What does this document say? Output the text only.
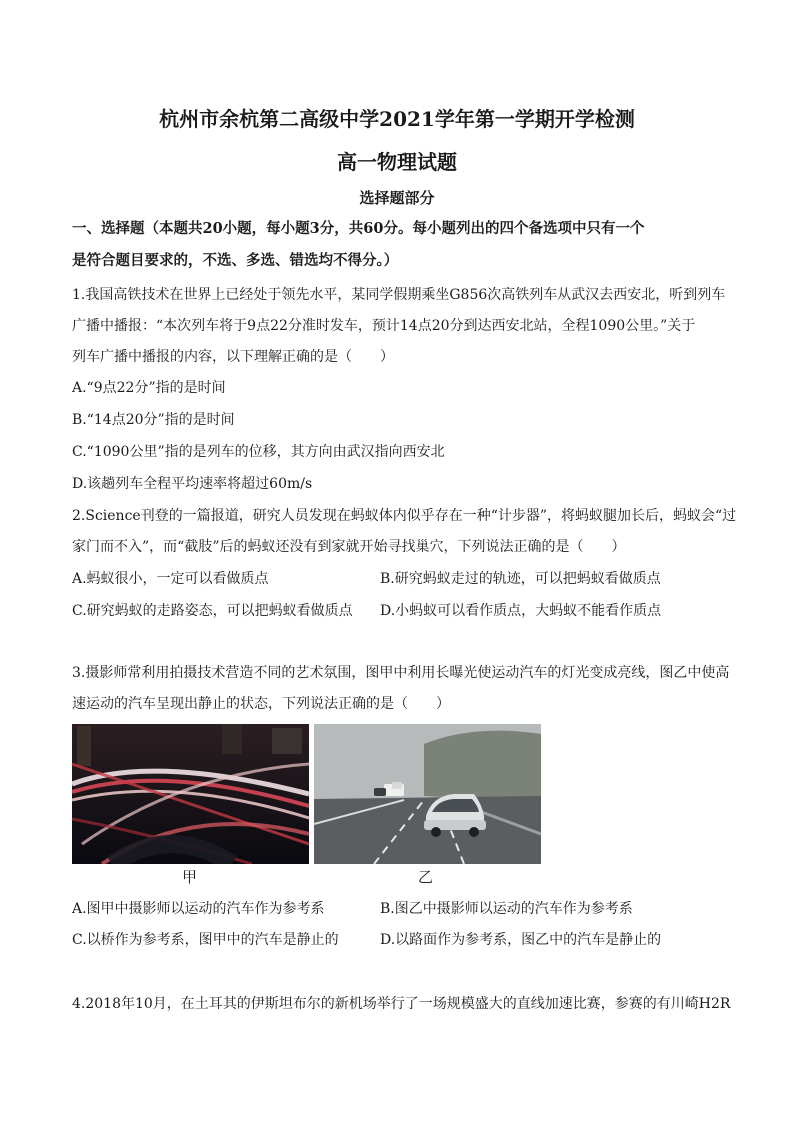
杭州市余杭第二高级中学2021学年第一学期开学检测
高一物理试题
选择题部分
一、选择题（本题共20小题，每小题3分，共60分。每小题列出的四个备选项中只有一个
是符合题目要求的，不选、多选、错选均不得分。）
1.我国高铁技术在世界上已经处于领先水平，某同学假期乘坐G856次高铁列车从武汉去西安北，听到列车
广播中播报：“本次列车将于9点22分准时发车，预计14点20分到达西安北站，全程1090公里。”关于
列车广播中播报的内容，以下理解正确的是（　　）
A.“9点22分”指的是时间
B.“14点20分”指的是时间
C.“1090公里”指的是列车的位移，其方向由武汉指向西安北
D.该趟列车全程平均速率将超过60m/s
2.Science刊登的一篇报道，研究人员发现在蚂蚁体内似乎存在一种“计步器”，将蚂蚁腿加长后，蚂蚁会“过
家门而不入”，而“截肢”后的蚂蚁还没有到家就开始寻找巢穴，下列说法正确的是（　　）
A.蚂蚁很小，一定可以看做质点	B.研究蚂蚁走过的轨迹，可以把蚂蚁看做质点
C.研究蚂蚁的走路姿态，可以把蚂蚁看做质点 D.小蚂蚁可以看作质点，大蚂蚁不能看作质点
3.摄影师常利用拍摄技术营造不同的艺术氛围，图甲中利用长曝光使运动汽车的灯光变成亮线，图乙中使高
速运动的汽车呈现出静止的状态，下列说法正确的是（　　）
甲	乙
A.图甲中摄影师以运动的汽车作为参考系	B.图乙中摄影师以运动的汽车作为参考系
C.以桥作为参考系，图甲中的汽车是静止的	D.以路面作为参考系，图乙中的汽车是静止的
4.2018年10月，在土耳其的伊斯坦布尔的新机场举行了一场规模盛大的直线加速比赛，参赛的有川崎H2R
